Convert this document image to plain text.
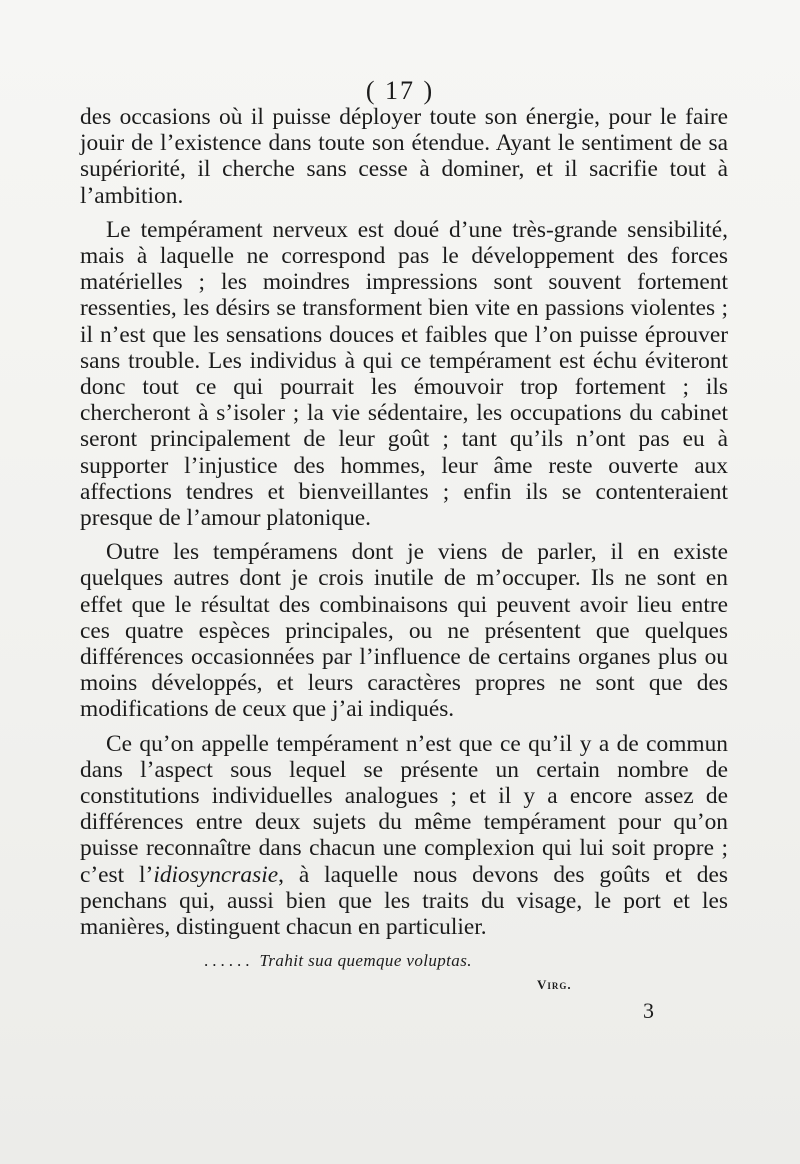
( 17 )

des occasions où il puisse déployer toute son énergie, pour le faire jouir de l’existence dans toute son étendue. Ayant le sentiment de sa supériorité, il cherche sans cesse à dominer, et il sacrifie tout à l’ambition.

Le tempérament nerveux est doué d’une très-grande sensibilité, mais à laquelle ne correspond pas le développement des forces matérielles ; les moindres impressions sont souvent fortement ressenties, les désirs se transforment bien vite en passions violentes ; il n’est que les sensations douces et faibles que l’on puisse éprouver sans trouble. Les individus à qui ce tempérament est échu éviteront donc tout ce qui pourrait les émouvoir trop fortement ; ils chercheront à s’isoler ; la vie sédentaire, les occupations du cabinet seront principalement de leur goût ; tant qu’ils n’ont pas eu à supporter l’injustice des hommes, leur âme reste ouverte aux affections tendres et bienveillantes ; enfin ils se contenteraient presque de l’amour platonique.

Outre les tempéramens dont je viens de parler, il en existe quelques autres dont je crois inutile de m’occuper. Ils ne sont en effet que le résultat des combinaisons qui peuvent avoir lieu entre ces quatre espèces principales, ou ne présentent que quelques différences occasionnées par l’influence de certains organes plus ou moins développés, et leurs caractères propres ne sont que des modifications de ceux que j’ai indiqués.

Ce qu’on appelle tempérament n’est que ce qu’il y a de commun dans l’aspect sous lequel se présente un certain nombre de constitutions individuelles analogues ; et il y a encore assez de différences entre deux sujets du même tempérament pour qu’on puisse reconnaître dans chacun une complexion qui lui soit propre ; c’est l’idiosyncrasie, à laquelle nous devons des goûts et des penchans qui, aussi bien que les traits du visage, le port et les manières, distinguent chacun en particulier.

...... Trahit sua quemque voluptas.
Virg.
3
